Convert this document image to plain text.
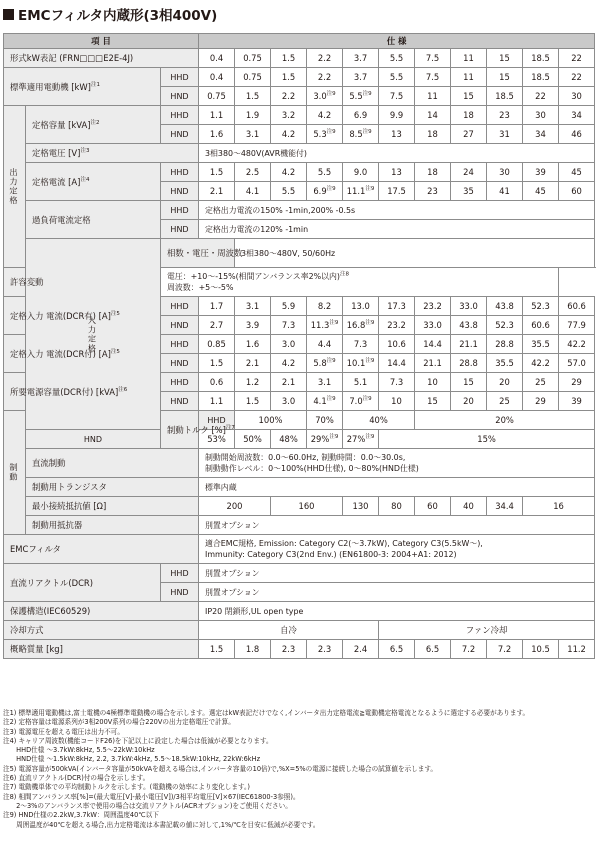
EMCフィルタ内蔵形(3相400V)
項 目			仕 様										
形式kW表記 (FRN□□□E2E-4J)			0.4	0.75	1.5	2.2	3.7	5.5	7.5	11	15	18.5	22
標準適用電動機 [kW]$^{注1}$		HHD	0.4	0.75	1.5	2.2	3.7	5.5	7.5	11	15	18.5	22
		HND	0.75	1.5	2.2	3.0$^{注9}$	5.5$^{注9}$	7.5	11	15	18.5	22	30
出力定格	定格容量 [kVA]$^{注2}$	HHD	1.1	1.9	3.2	4.2	6.9	9.9	14	18	23	30	34
		HND	1.6	3.1	4.2	5.3$^{注9}$	8.5$^{注9}$	13	18	27	31	34	46
	定格電圧 $[V]^{注3}$		3相380～480V(AVR機能付)										
	定格電流 $[A]^{注4}$	HHD	1.5	2.5	4.2	5.5	9.0	13	18	24	30	39	45
		HND	2.1	4.1	5.5	6.9$^{注9}$	11.1$^{注9}$	17.5	23	35	41	45	60
	過負荷電流定格	HHD	定格出力電流の150% -1min,200% -0.5s										
		HND	定格出力電流の120% -1min										
	入力定格	相数・電圧・周波数		3相380～480V, 50/60Hz									
許容変動		電圧：+10～-15%(相間アンバランス率2%以内)$^{注8}$
周波数：+5～-5%											

定格入力 電流(DCR有) $[A]^{注5}$		HHD	1.7	3.1	5.9	8.2	13.0	17.3	23.2	33.0	43.8	52.3	60.6
		HND	2.7	3.9	7.3	11.3$^{注9}$	16.8$^{注9}$	23.2	33.0	43.8	52.3	60.6	77.9
定格入力 電流(DCR付) $[A]^{注5}$		HHD	0.85	1.6	3.0	4.4	7.3	10.6	14.4	21.1	28.8	35.5	42.2
		HND	1.5	2.1	4.2	5.8$^{注9}$	10.1$^{注9}$	14.4	21.1	28.8	35.5	42.2	57.0
所要電源容量(DCR付) [kVA]$^{注6}$		HHD	0.6	1.2	2.1	3.1	5.1	7.3	10	15	20	25	29
		HND	1.1	1.5	3.0	4.1$^{注9}$	7.0$^{注9}$	10	15	20	25	29	39
制動		制動トルク [%]$^{注7}$	HHD	100%		70%	40%		20%				
	HND		53%	50%	48%	29%$^{注9}$	27%$^{注9}$	15%					
	直流制動		制動開始周波数：0.0～60.0Hz, 制動時間：0.0～30.0s,
制動動作レベル：0～100%(HHD仕様), 0～80%(HND仕様)										

	制動用トランジスタ		標準内蔵										
	最小接続抵抗値 [Ω]		200		160		130	80	60	40	34.4	16	
	制動用抵抗器		別置オプション										
EMCフィルタ			適合EMC規格, Emission: Category C2(～3.7kW), Category C3(5.5kW～),
Immunity: Category C3(2nd Env.) (EN61800-3: 2004+A1: 2012)										

直流リアクトル(DCR)		HHD	別置オプション										
		HND	別置オプション										
保護構造(IEC60529)			IP20 閉鎖形,UL open type										
冷却方式			自冷					ファン冷却					
概略質量 [kg]			1.5	1.8	2.3	2.3	2.4	6.5	6.5	7.2	7.2	10.5	11.2
注1) 標準適用電動機は,富士電機の4極標準電動機の場合を示します。選定はkW表記だけでなく,インバータ出力定格電流≧電動機定格電流となるように選定する必要があります。
注2) 定格容量は電源系列が3相200V系列の場合220Vの出力定格電圧で計算。
注3) 電源電圧を超える電圧は出力不可。
注4) キャリア周波数(機能コードF26)を下記以上に設定した場合は低減が必要となります。
　　HHD仕様 ～3.7kW:8kHz, 5.5～22kW:10kHz
　　HND仕様 ～1.5kW:8kHz, 2.2, 3.7kW:4kHz, 5.5～18.5kW:10kHz, 22kW:6kHz
注5) 電源容量が500kVA(インバータ容量が50kVAを超える場合は,インバータ容量の10倍)で,%X=5%の電源に接続した場合の試算値を示します。
注6) 直流リアクトル(DCR)付の場合を示します。
注7) 電動機単体での平均制動トルクを示します。(電動機の効率により変化します。)
注8) 相間アンバランス率[%]=(最大電圧[V]-最小電圧[V])/3相平均電圧[V]×67(IEC61800-3参照)。
　　2～3%のアンバランス率で使用の場合は交流リアクトル(ACRオプション)をご使用ください。
注9) HND仕様の2.2kW,3.7kW：周囲温度40℃以下
　　周囲温度が40℃を超える場合,出力定格電流は本書記載の値に対して,1%/℃を目安に低減が必要です。
